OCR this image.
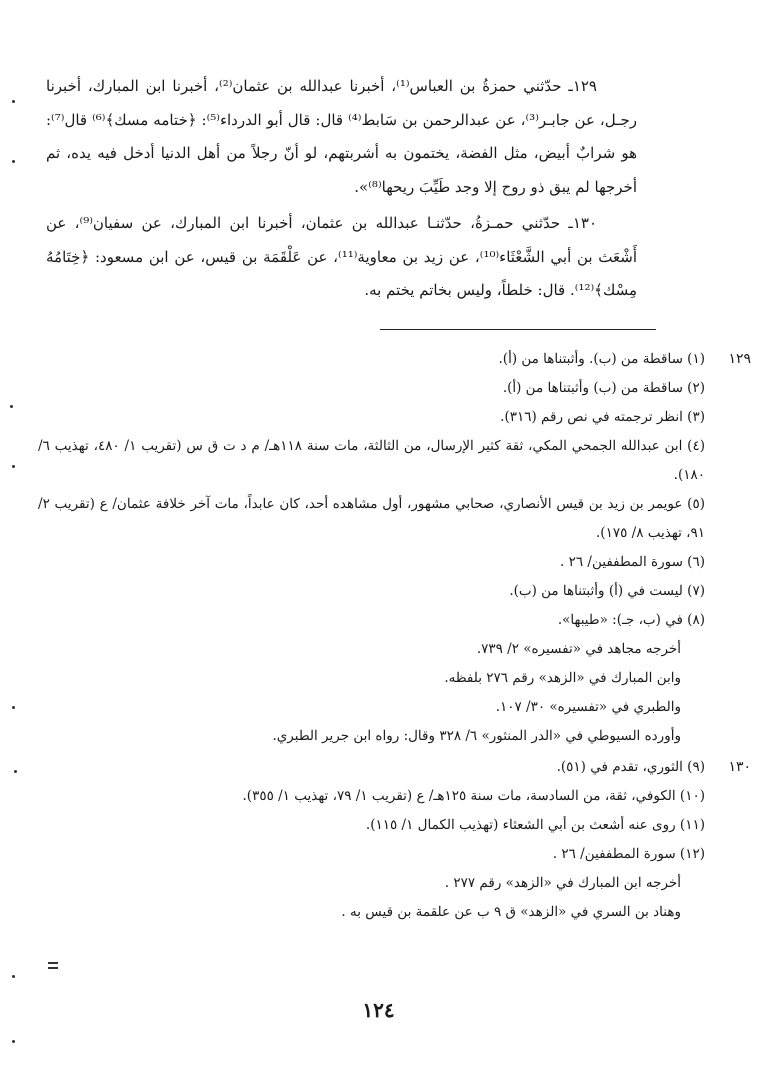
١٢٩ـ حدّثني حمزةُ بن العباس⁽¹⁾، أخبرنا عبدالله بن عثمان⁽²⁾، أخبرنا ابن المبارك، أخبرنا رجـل، عن جابـر⁽³⁾، عن عبدالرحمن بن سَابط⁽⁴⁾ قال: قال أبو الدرداء⁽⁵⁾: ﴿ختامه مسك﴾⁽⁶⁾ قال⁽⁷⁾: هو شرابٌ أبيض، مثل الفضة، يختمون به أشربتهم، لو أنّ رجلاً من أهل الدنيا أدخل فيه يده، ثم أخرجها لم يبق ذو روح إلا وجد طَيِّبَ ريحها⁽⁸⁾».

١٣٠ـ حدّثني حمـزةُ، حدّثنـا عبدالله بن عثمان، أخبرنا ابن المبارك، عن سفيان⁽⁹⁾، عن أَشْعَث بن أبي الشَّعْثَاء⁽¹⁰⁾، عن زيد بن معاوية⁽¹¹⁾، عن عَلْقَمَة بن قيس، عن ابن مسعود: ﴿خِتَامُهُ مِسْك﴾⁽¹²⁾. قال: خلطاً، وليس بخاتم يختم به.

١٢٩
(١) ساقطة من (ب). وأثبتناها من (أ).
(٢) ساقطة من (ب) وأثبتناها من (أ).
(٣) انظر ترجمته في نص رقم (٣١٦).
(٤) ابن عبدالله الجمحي المكي، ثقة كثير الإرسال، من الثالثة، مات سنة ١١٨هـ/ م د ت ق س (تقريب ١/ ٤٨٠، تهذيب ٦/ ١٨٠).
(٥) عويمر بن زيد بن قيس الأنصاري، صحابي مشهور، أول مشاهده أحد، كان عابداً، مات آخر خلافة عثمان/ ع (تقريب ٢/ ٩١، تهذيب ٨/ ١٧٥).
(٦) سورة المطففين/ ٢٦ .
(٧) ليست في (أ) وأثبتناها من (ب).
(٨) في (ب، جـ): «طيبها».
أخرجه مجاهد في «تفسيره» ٢/ ٧٣٩.
وابن المبارك في «الزهد» رقم ٢٧٦ بلفظه.
والطبري في «تفسيره» ٣٠/ ١٠٧.
وأورده السيوطي في «الدر المنثور» ٦/ ٣٢٨ وقال: رواه ابن جرير الطبري.
١٣٠
(٩) الثوري، تقدم في (٥١).
(١٠) الكوفي، ثقة، من السادسة، مات سنة ١٢٥هـ/ ع (تقريب ١/ ٧٩، تهذيب ١/ ٣٥٥).
(١١) روى عنه أشعث بن أبي الشعثاء (تهذيب الكمال ١/ ١١٥).
(١٢) سورة المطففين/ ٢٦ .
أخرجه ابن المبارك في «الزهد» رقم ٢٧٧ .
وهناد بن السري في «الزهد» ق ٩ ب عن علقمة بن قيس به .
١٢٤
